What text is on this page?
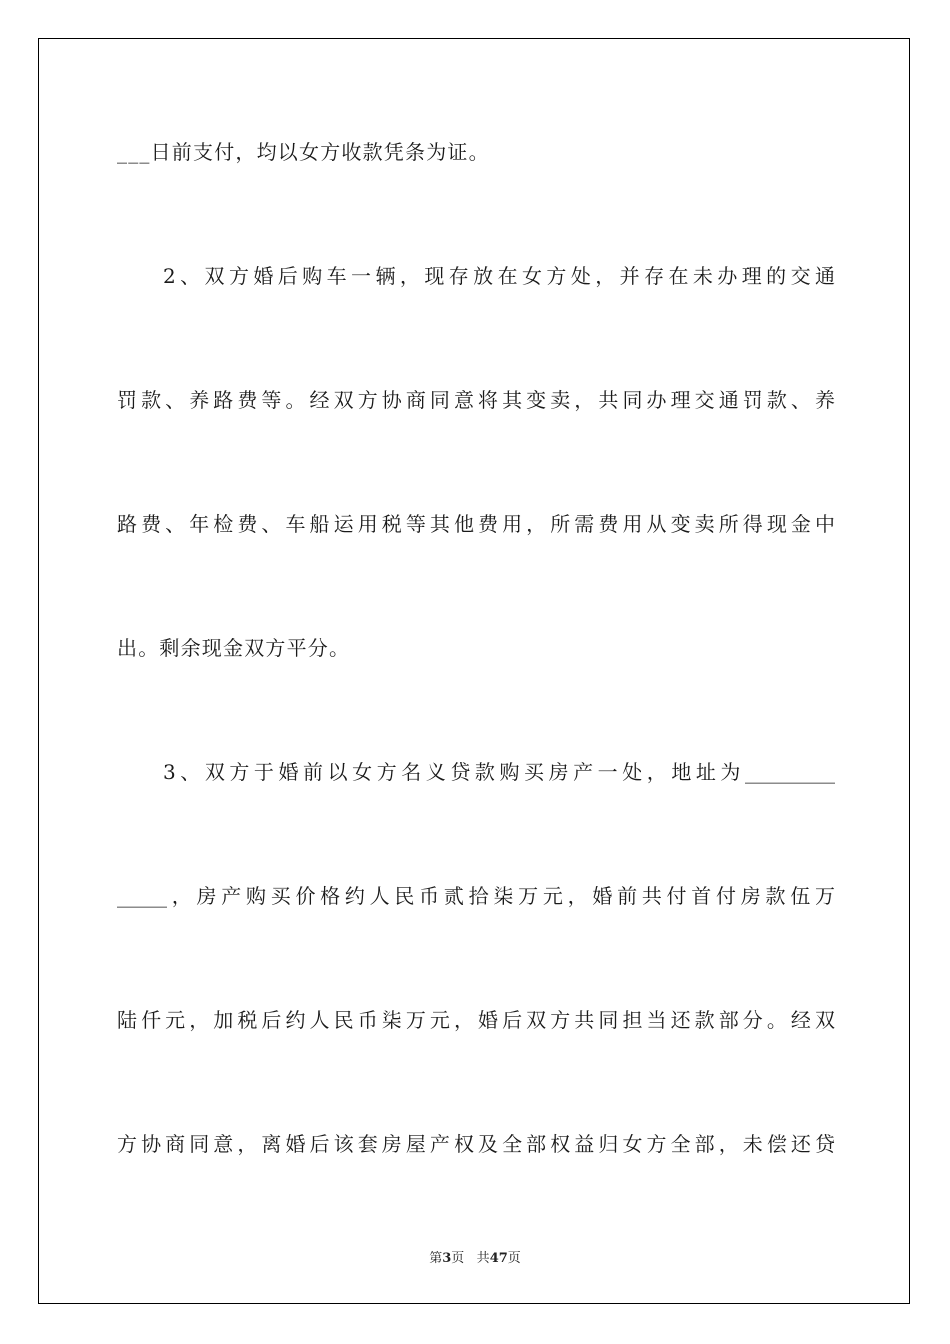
___日前支付，均以女方收款凭条为证。
2、双方婚后购车一辆，现存放在女方处，并存在未办理的交通
罚款、养路费等。经双方协商同意将其变卖，共同办理交通罚款、养
路费、年检费、车船运用税等其他费用，所需费用从变卖所得现金中
出。剩余现金双方平分。
3、双方于婚前以女方名义贷款购买房产一处，地址为_________
_____，房产购买价格约人民币贰拾柒万元，婚前共付首付房款伍万
陆仟元，加税后约人民币柒万元，婚后双方共同担当还款部分。经双
方协商同意，离婚后该套房屋产权及全部权益归女方全部，未偿还贷
第3页 共47页
